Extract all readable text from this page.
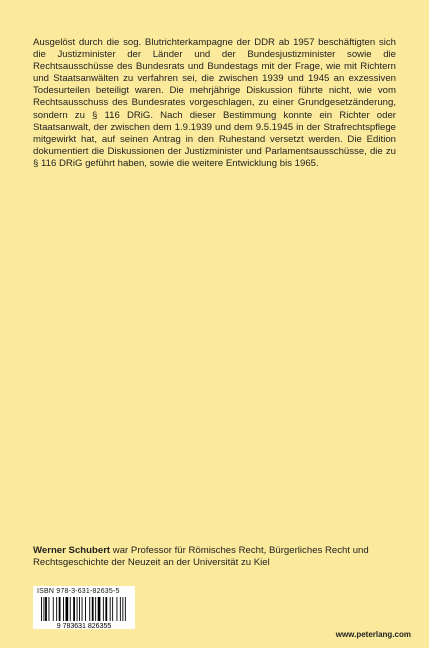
Ausgelöst durch die sog. Blutrichterkampagne der DDR ab 1957 beschäftigten sich die Justizminister der Länder und der Bundesjustizminister sowie die Rechtsausschüsse des Bundesrats und Bundestags mit der Frage, wie mit Richtern und Staatsanwälten zu verfahren sei, die zwischen 1939 und 1945 an exzessiven Todesurteilen beteiligt waren. Die mehrjährige Diskussion führte nicht, wie vom Rechtsausschuss des Bundesrates vorgeschlagen, zu einer Grundgesetzänderung, sondern zu § 116 DRiG. Nach dieser Bestimmung konnte ein Richter oder Staatsanwalt, der zwischen dem 1.9.1939 und dem 9.5.1945 in der Strafrechtspflege mitgewirkt hat, auf seinen Antrag in den Ruhestand versetzt werden. Die Edition dokumentiert die Diskussionen der Justizminister und Parlamentsausschüsse, die zu § 116 DRiG geführt haben, sowie die weitere Entwicklung bis 1965.

Werner Schubert war Professor für Römisches Recht, Bürgerliches Recht und Rechtsgeschichte der Neuzeit an der Universität zu Kiel

ISBN 978-3-631-82635-5
9 783631 826355
www.peterlang.com
